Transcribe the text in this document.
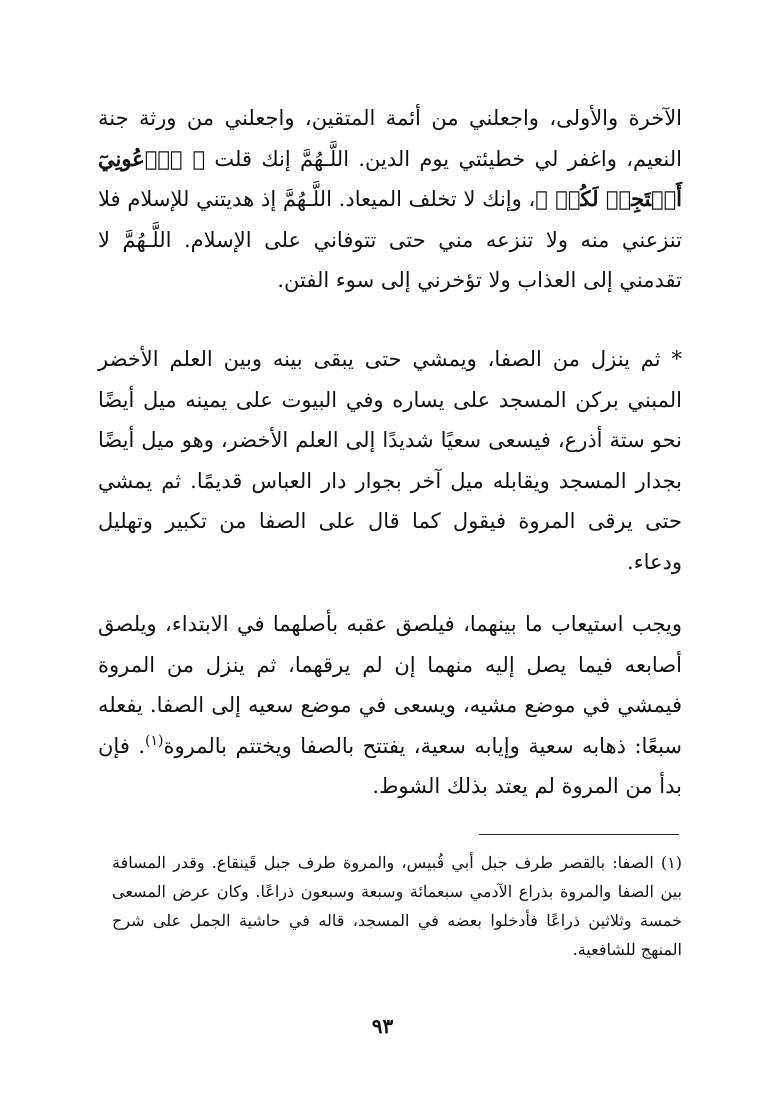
الآخرة والأولى، واجعلني من أئمة المتقين، واجعلني من ورثة جنة النعيم، واغفر لي خطيئتي يوم الدين. اللَّـهُمَّ إنك قلت ﴿ ٱدۡعُونِيٓ أَسۡتَجِبۡ لَكُمۡ ﴾، وإنك لا تخلف الميعاد. اللَّـهُمَّ إذ هديتني للإسلام فلا تنزعني منه ولا تنزعه مني حتى تتوفاني على الإسلام. اللَّـهُمَّ لا تقدمني إلى العذاب ولا تؤخرني إلى سوء الفتن.
* ثم ينزل من الصفا، ويمشي حتى يبقى بينه وبين العلم الأخضر المبني بركن المسجد على يساره وفي البيوت على يمينه ميل أيضًا نحو ستة أذرع، فيسعى سعيًا شديدًا إلى العلم الأخضر، وهو ميل أيضًا بجدار المسجد ويقابله ميل آخر بجوار دار العباس قديمًا. ثم يمشي حتى يرقى المروة فيقول كما قال على الصفا من تكبير وتهليل ودعاء.
ويجب استيعاب ما بينهما، فيلصق عقبه بأصلهما في الابتداء، ويلصق أصابعه فيما يصل إليه منهما إن لم يرقهما، ثم ينزل من المروة فيمشي في موضع مشيه، ويسعى في موضع سعيه إلى الصفا. يفعله سبعًا: ذهابه سعية وإيابه سعية، يفتتح بالصفا ويختتم بالمروة$^{(١)}$. فإن بدأ من المروة لم يعتد بذلك الشوط.

(١) الصفا: بالقصر طرف جبل أبي قُبيس، والمروة طرف جبل قَينقاع. وقدر المسافة بين الصفا والمروة بذراع الآدمي سبعمائة وسبعة وسبعون ذراعًا. وكان عرض المسعى خمسة وثلاثين ذراعًا فأدخلوا بعضه في المسجد، قاله في حاشية الجمل على شرح المنهج للشافعية.

٩٣
